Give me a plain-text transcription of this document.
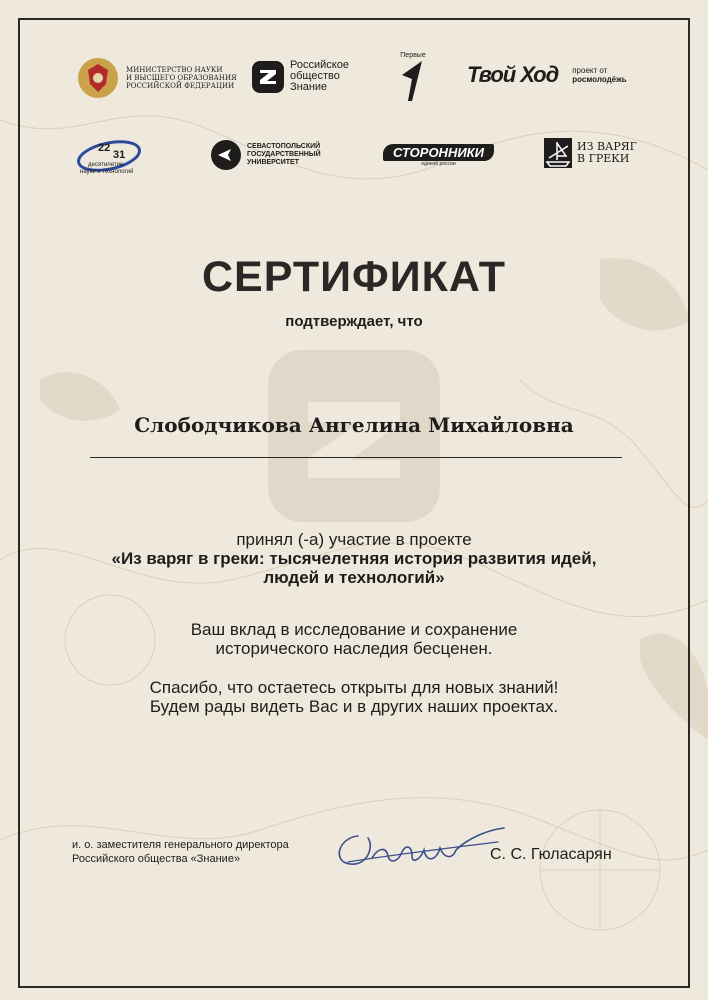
МИНИСТЕРСТВО НАУКИ
И ВЫСШЕГО ОБРАЗОВАНИЯ
РОССИЙСКОЙ ФЕДЕРАЦИИ
Российское
общество
Знание
Первые
Твой Ход проект от
росмолодёжь
22
31
десятилетие
науки и технологий
СЕВАСТОПОЛЬСКИЙ
ГОСУДАРСТВЕННЫЙ
УНИВЕРСИТЕТ
СТОРОННИКИ
единой россии
ИЗ ВАРЯГ
В ГРЕКИ
СЕРТИФИКАТ
подтверждает, что
Слободчикова Ангелина Михайловна
принял (-а) участие в проекте
«Из варяг в греки: тысячелетняя история развития идей,
людей и технологий»
Ваш вклад в исследование и сохранение
исторического наследия бесценен.
Спасибо, что остаетесь открыты для новых знаний!
Будем рады видеть Вас и в других наших проектах.
и. о. заместителя генерального директора
Российского общества «Знание»	С. С. Гюласарян
